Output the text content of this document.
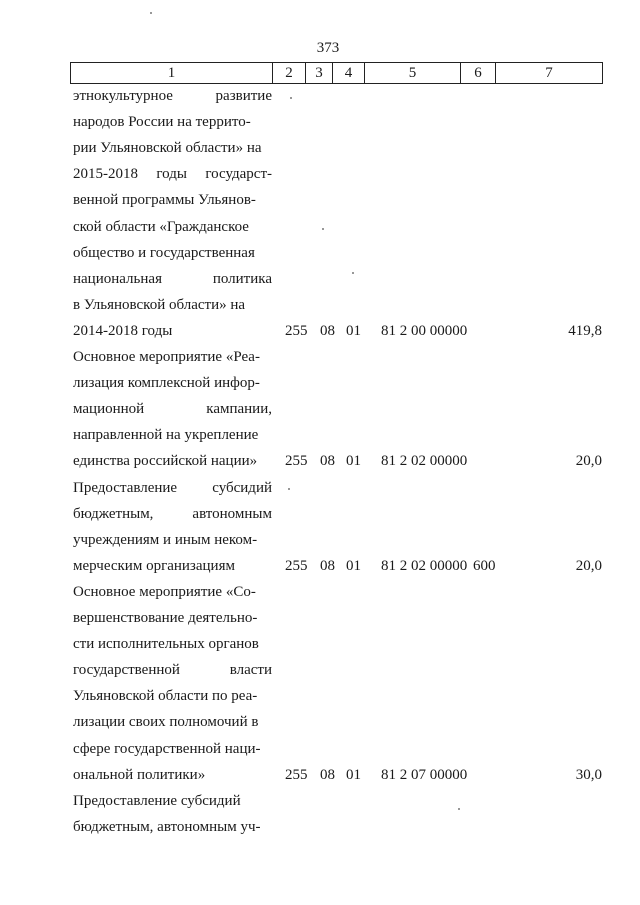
373
1	2	3	4	5	6	7
этнокультурное развитие
народов России на террито-
рии Ульяновской области» на
2015-2018 годы государст-
венной программы Ульянов-
ской области «Гражданское
общество и государственная
национальная политика
в Ульяновской области» на
2014-2018 годы	255 08 01 81 2 00 00000	419,8
Основное мероприятие «Реа-
лизация комплексной инфор-
мационной кампании,
направленной на укрепление
единства российской нации»	255 08 01 81 2 02 00000	20,0
Предоставление субсидий
бюджетным, автономным
учреждениям и иным неком-
мерческим организациям	255 08 01 81 2 02 00000 600	20,0
Основное мероприятие «Со-
вершенствование деятельно-
сти исполнительных органов
государственной власти
Ульяновской области по реа-
лизации своих полномочий в
сфере государственной наци-
ональной политики»	255 08 01 81 2 07 00000	30,0
Предоставление субсидий
бюджетным, автономным уч-
